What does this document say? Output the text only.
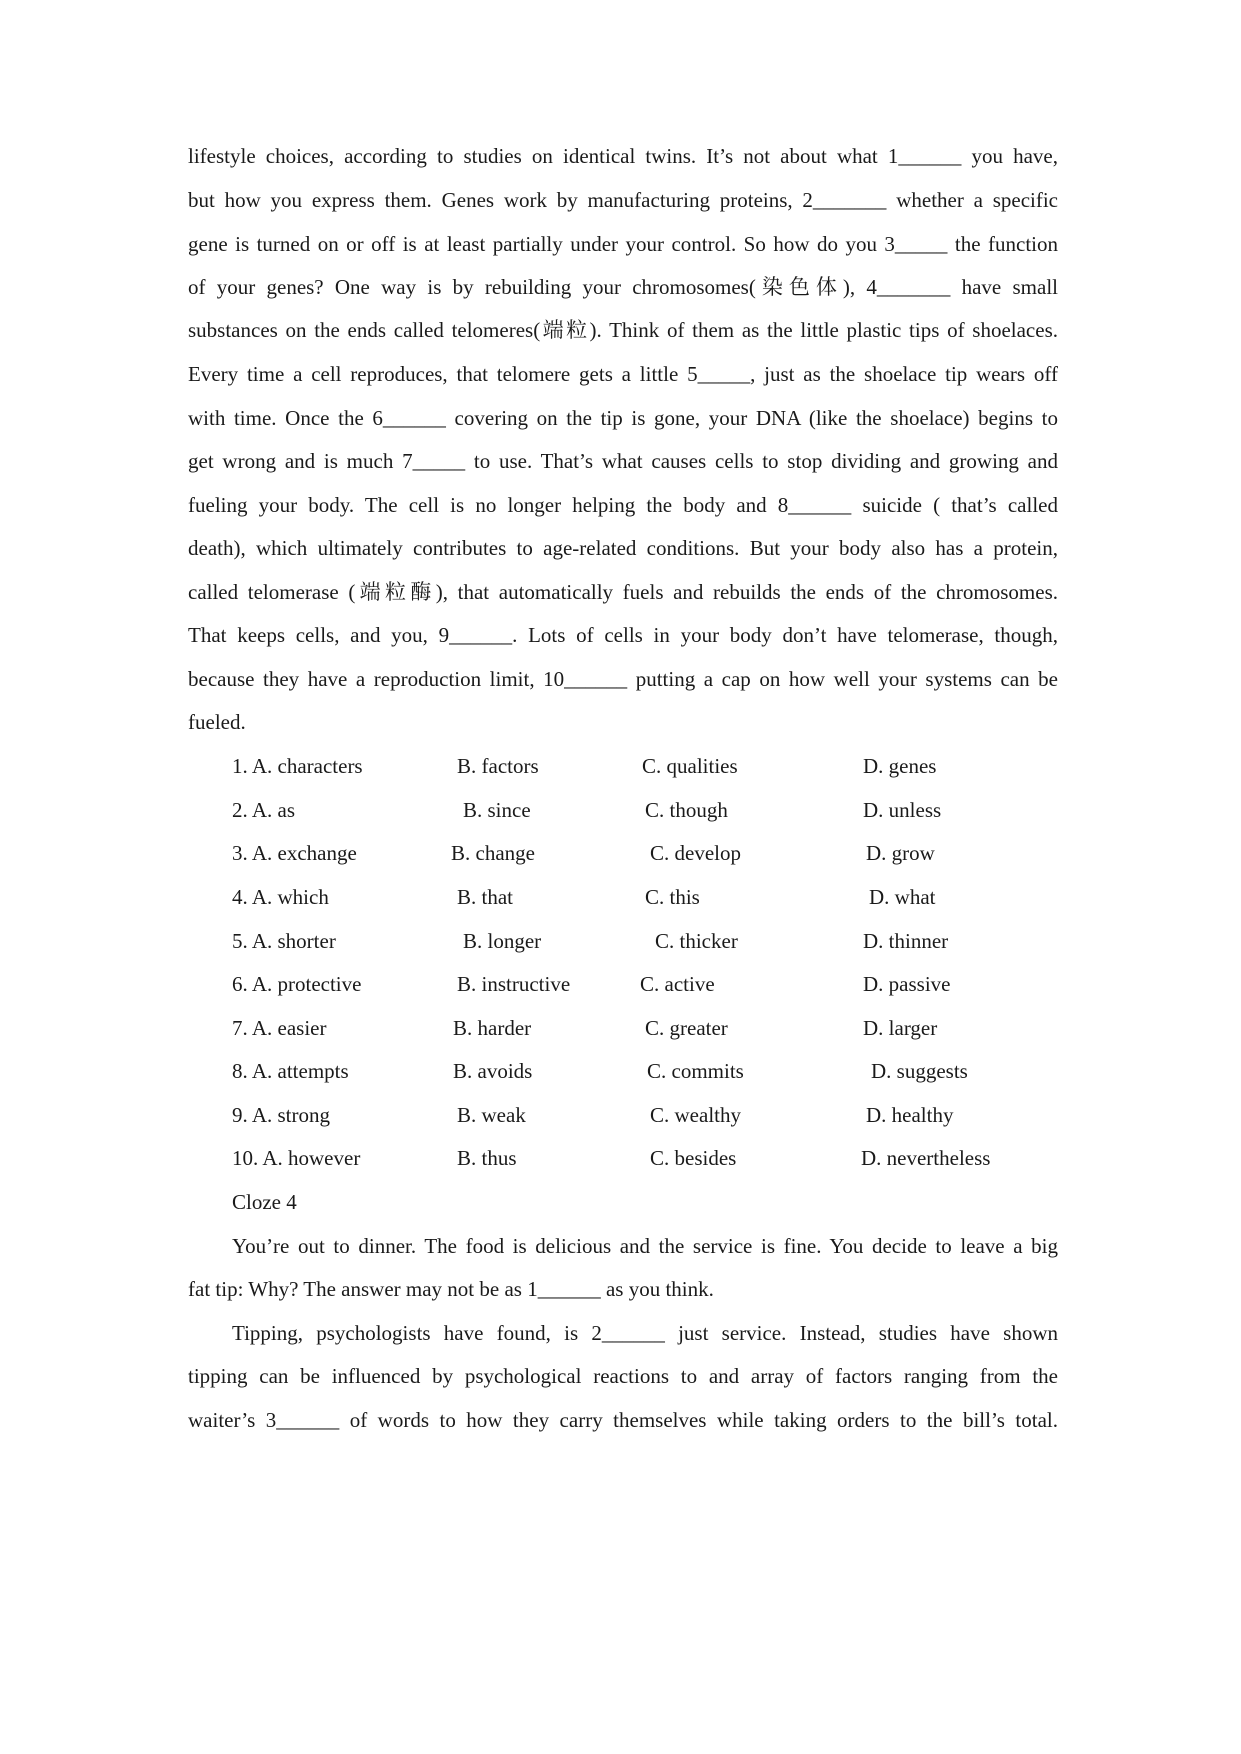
lifestyle choices, according to studies on identical twins. It’s not about what 1______ you have,
but how you express them. Genes work by manufacturing proteins, 2_______ whether a specific
gene is turned on or off is at least partially under your control. So how do you 3_____ the function
of your genes? One way is by rebuilding your chromosomes(染色体), 4_______ have small
substances on the ends called telomeres(端粒). Think of them as the little plastic tips of shoelaces.
Every time a cell reproduces, that telomere gets a little 5_____, just as the shoelace tip wears off
with time. Once the 6______ covering on the tip is gone, your DNA (like the shoelace) begins to
get wrong and is much 7_____ to use. That’s what causes cells to stop dividing and growing and
fueling your body. The cell is no longer helping the body and 8______ suicide ( that’s called
death), which ultimately contributes to age-related conditions. But your body also has a protein,
called telomerase (端粒酶), that automatically fuels and rebuilds the ends of the chromosomes.
That keeps cells, and you, 9______. Lots of cells in your body don’t have telomerase, though,
because they have a reproduction limit, 10______ putting a cap on how well your systems can be
fueled.
1. A. characters	B. factors	C. qualities	D. genes
2. A. as	B. since	C. though	D. unless
3. A. exchange	B. change	C. develop	D. grow
4. A. which	B. that	C. this	D. what
5. A. shorter	B. longer	C. thicker	D. thinner
6. A. protective	B. instructive	C. active	D. passive
7. A. easier	B. harder	C. greater	D. larger
8. A. attempts	B. avoids	C. commits	D. suggests
9. A. strong	B. weak	C. wealthy	D. healthy
10. A. however	B. thus	C. besides	D. nevertheless
Cloze 4
You’re out to dinner. The food is delicious and the service is fine. You decide to leave a big
fat tip: Why? The answer may not be as 1______ as you think.
Tipping, psychologists have found, is 2______ just service. Instead, studies have shown
tipping can be influenced by psychological reactions to and array of factors ranging from the
waiter’s 3______ of words to how they carry themselves while taking orders to the bill’s total.
